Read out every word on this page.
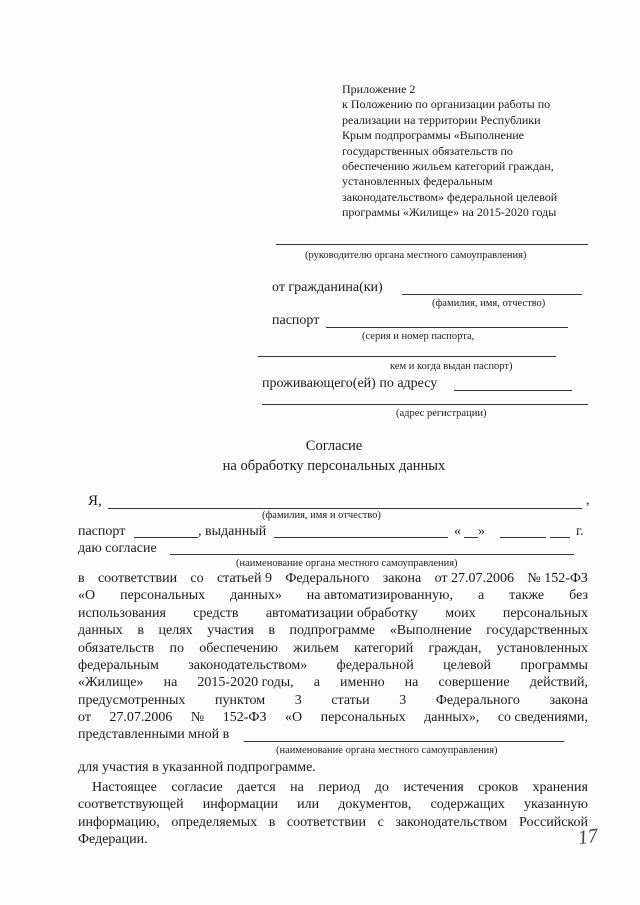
Приложение 2
к Положению по организации работы по
реализации на территории Республики
Крым подпрограммы «Выполнение
государственных обязательств по
обеспечению жильем категорий граждан,
установленных федеральным
законодательством» федеральной целевой
программы «Жилище» на 2015-2020 годы
(руководителю органа местного самоуправления)
от гражданина(ки)
(фамилия, имя, отчество)
паспорт
(серия и номер паспорта,
кем и когда выдан паспорт)
проживающего(ей) по адресу
(адрес регистрации)
Согласие
на обработку персональных данных
Я,	,
(фамилия, имя и отчество)
паспорт	, выданный	« »	г.
даю согласие
(наименование органа местного самоуправления)
в соответствии со статьей 9 Федерального закона от 27.07.2006 № 152-ФЗ
«О персональных данных» на автоматизированную, а также без
использования средств автоматизации обработку моих персональных
данных в целях участия в подпрограмме «Выполнение государственных
обязательств по обеспечению жильем категорий граждан, установленных
федеральным законодательством» федеральной целевой программы
«Жилище» на 2015-2020 годы, а именно на совершение действий,
предусмотренных пунктом 3 статьи 3 Федерального закона
от 27.07.2006 № 152-ФЗ «О персональных данных», со сведениями,
представленными мной в
(наименование органа местного самоуправления)
для участия в указанной подпрограмме.
Настоящее согласие дается на период до истечения сроков хранения
соответствующей информации или документов, содержащих указанную
информацию, определяемых в соответствии с законодательством Российской
Федерации.	17
